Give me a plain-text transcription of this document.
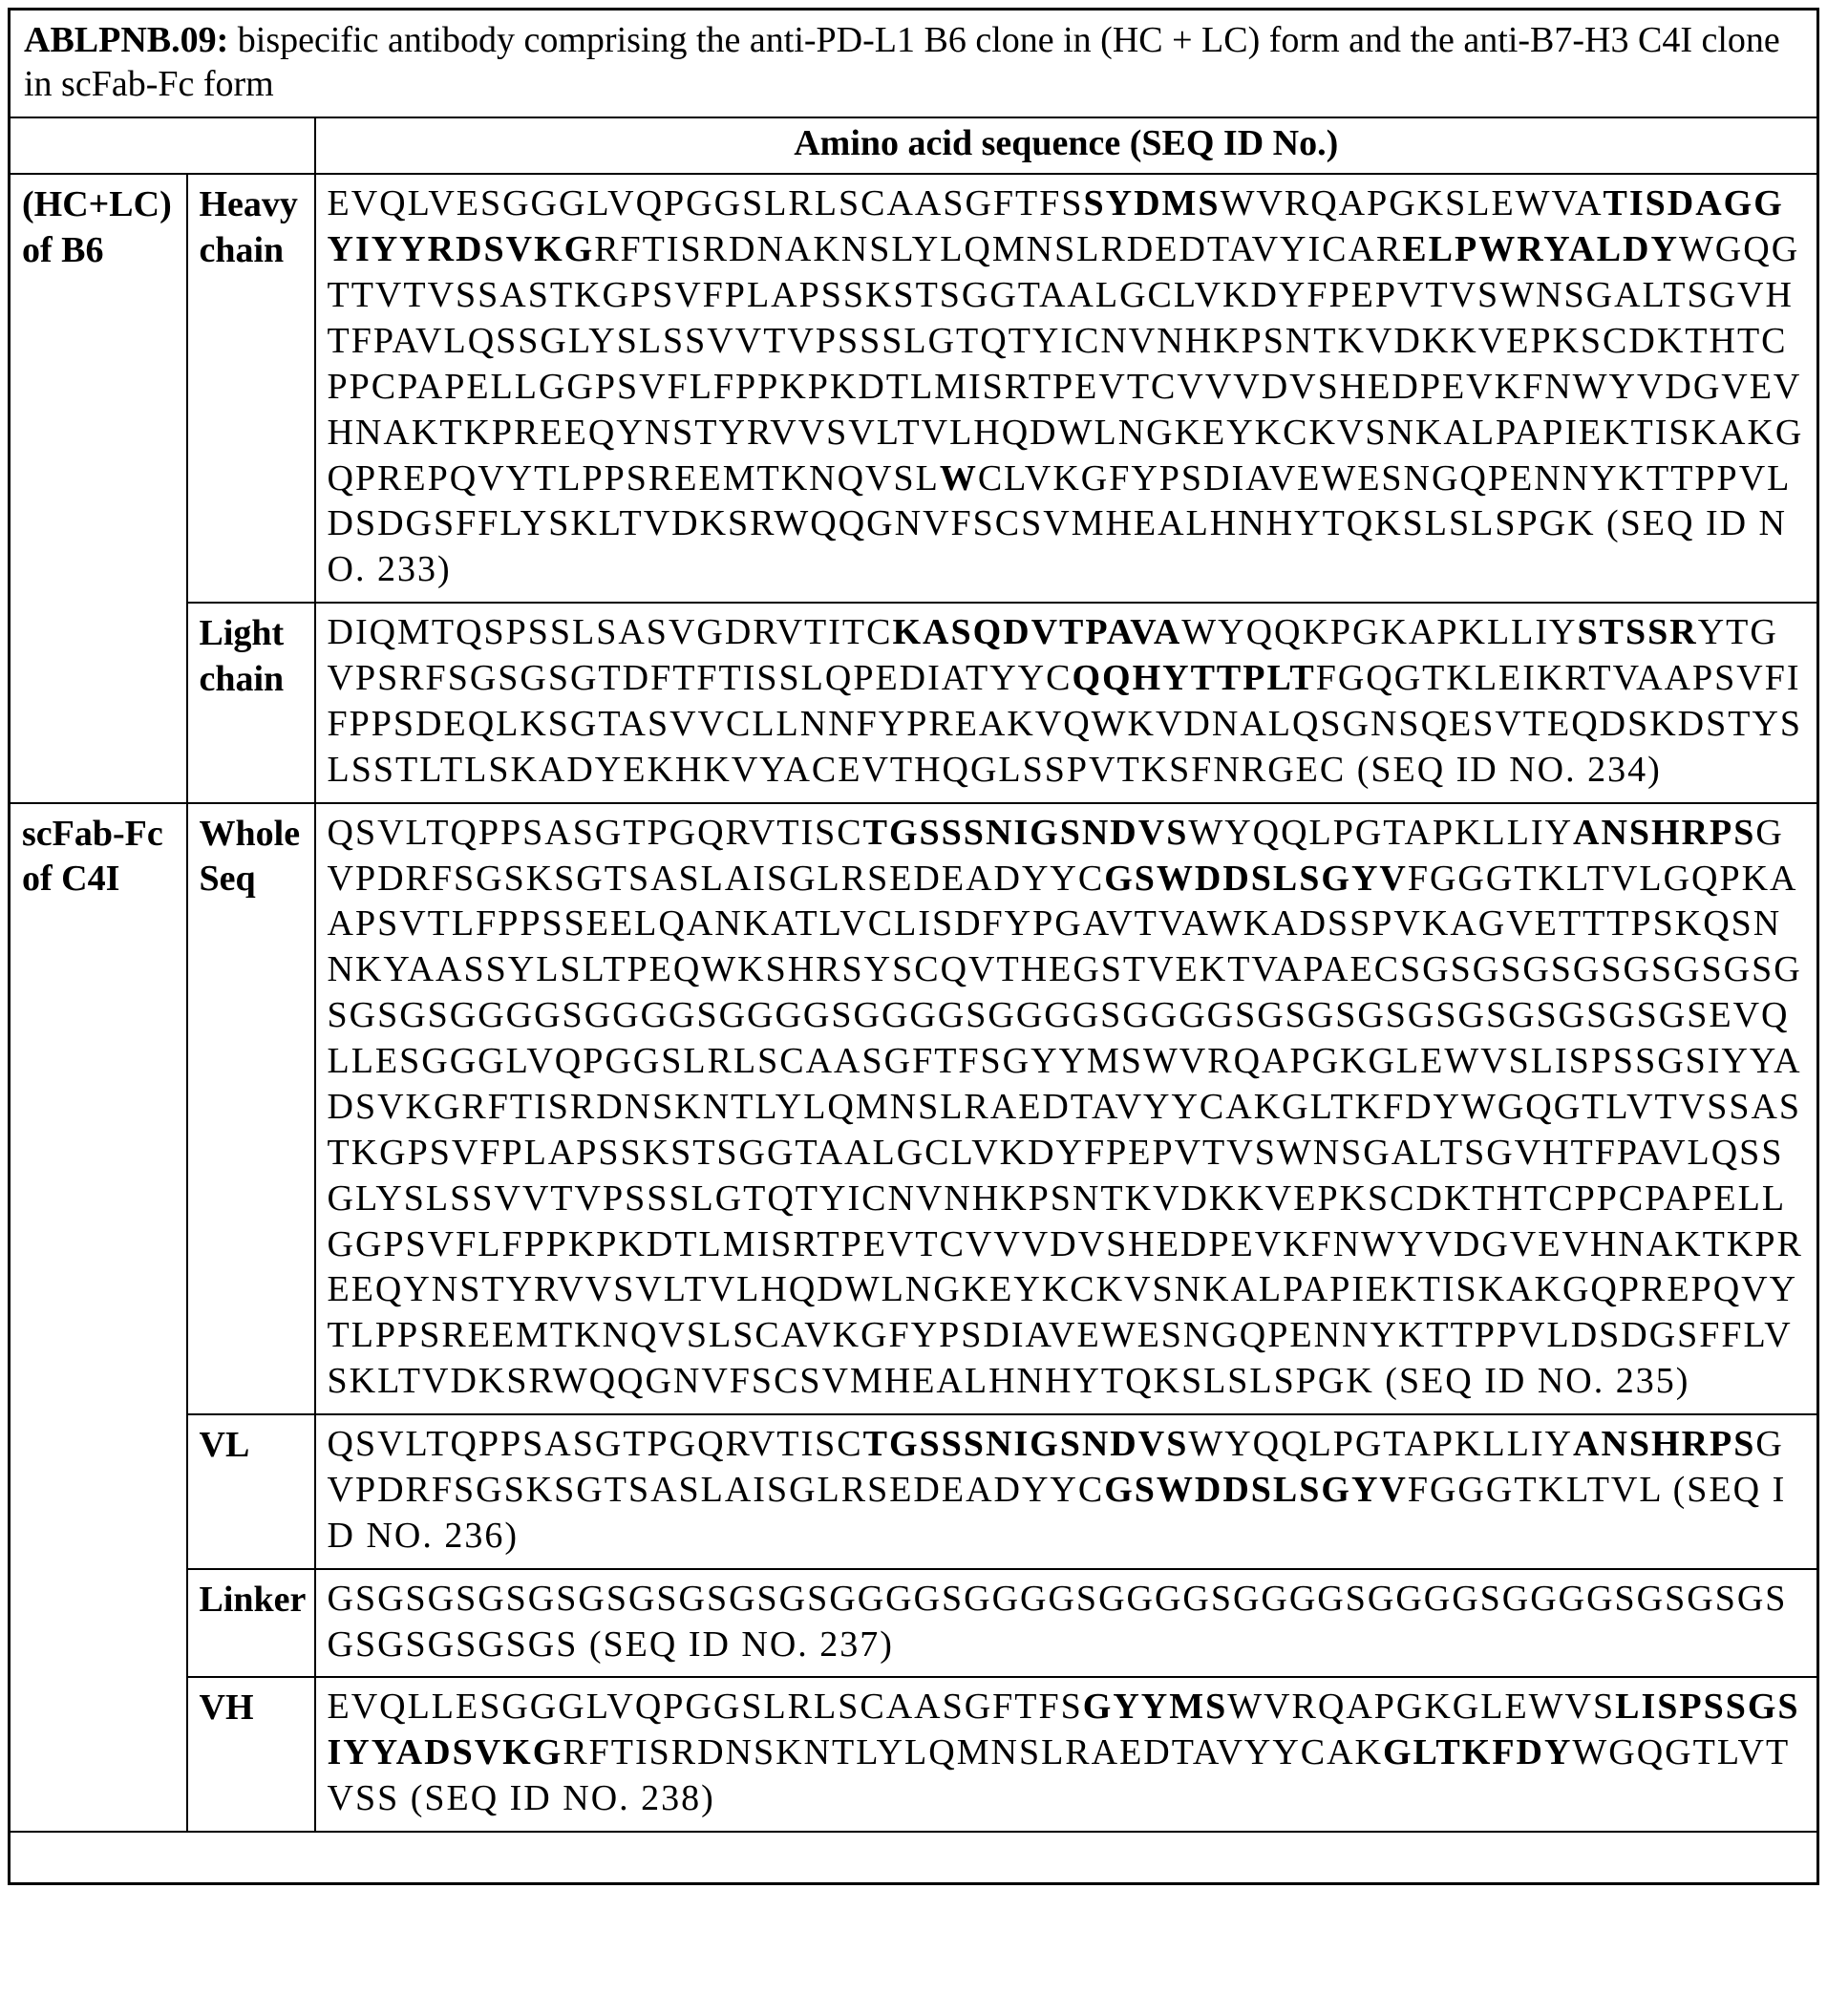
ABLPNB.09: bispecific antibody comprising the anti-PD-L1 B6 clone in (HC + LC) form and the anti-B7-H3 C4I clone in scFab-Fc form		
		Amino acid sequence (SEQ ID No.)
(HC+LC) of B6	Heavy chain	EVQLVESGGGLVQPGGSLRLSCAASGFTFSSYDMSWVRQAPGKSLEWVATISDAGGYIYYRDSVKGRFTISRDNAKNSLYLQMNSLRDEDTAVYICARELPWRYALDYWGQGTTVTVSSASTKGPSVFPLAPSSKSTSGGTAALGCLVKDYFPEPVTVSWNSGALTSGVHTFPAVLQSSGLYSLSSVVTVPSSSLGTQTYICNVNHKPSNTKVDKKVEPKSCDKTHTCPPCPAPELLGGPSVFLFPPKPKDTLMISRTPEVTCVVVDVSHEDPEVKFNWYVDGVEVHNAKTKPREEQYNSTYRVVSVLTVLHQDWLNGKEYKCKVSNKALPAPIEKTISKAKGQPREPQVYTLPPSREEMTKNQVSLWCLVKGFYPSDIAVEWESNGQPENNYKTTPPVLDSDGSFFLYSKLTVDKSRWQQGNVFSCSVMHEALHNHYTQKSLSLSPGK (SEQ ID NO. 233)
	Light chain	DIQMTQSPSSLSASVGDRVTITCKASQDVTPAVAWYQQKPGKAPKLLIYSTSSRYTGVPSRFSGSGSGTDFTFTISSLQPEDIATYYCQQHYTTPLTFGQGTKLEIKRTVAAPSVFIFPPSDEQLKSGTASVVCLLNNFYPREAKVQWKVDNALQSGNSQESVTEQDSKDSTYSLSSTLTLSKADYEKHKVYACEVTHQGLSSPVTKSFNRGEC (SEQ ID NO. 234)
scFab-Fc of C4I	Whole Seq	QSVLTQPPSASGTPGQRVTISCTGSSSNIGSNDVSWYQQLPGTAPKLLIYANSHRPSGVPDRFSGSKSGTSASLAISGLRSEDEADYYCGSWDDSLSGYVFGGGTKLTVLGQPKAAPSVTLFPPSSEELQANKATLVCLISDFYPGAVTVAWKADSSPVKAGVETTTPSKQSNNKYAASSYLSLTPEQWKSHRSYSCQVTHEGSTVEKTVAPAECSGSGSGSGSGSGSGSGSGSGSGGGGSGGGGSGGGGSGGGGSGGGGSGGGGSGSGSGSGSGSGSGSGSGSEVQLLESGGGLVQPGGSLRLSCAASGFTFSGYYMSWVRQAPGKGLEWVSLISPSSGSIYYADSVKGRFTISRDNSKNTLYLQMNSLRAEDTAVYYCAKGLTKFDYWGQGTLVTVSSASTKGPSVFPLAPSSKSTSGGTAALGCLVKDYFPEPVTVSWNSGALTSGVHTFPAVLQSSGLYSLSSVVTVPSSSLGTQTYICNVNHKPSNTKVDKKVEPKSCDKTHTCPPCPAPELLGGPSVFLFPPKPKDTLMISRTPEVTCVVVDVSHEDPEVKFNWYVDGVEVHNAKTKPREEQYNSTYRVVSVLTVLHQDWLNGKEYKCKVSNKALPAPIEKTISKAKGQPREPQVYTLPPSREEMTKNQVSLSCAVKGFYPSDIAVEWESNGQPENNYKTTPPVLDSDGSFFLVSKLTVDKSRWQQGNVFSCSVMHEALHNHYTQKSLSLSPGK (SEQ ID NO. 235)
	VL	QSVLTQPPSASGTPGQRVTISCTGSSSNIGSNDVSWYQQLPGTAPKLLIYANSHRPSGVPDRFSGSKSGTSASLAISGLRSEDEADYYCGSWDDSLSGYVFGGGTKLTVL (SEQ ID NO. 236)
	Linker	GSGSGSGSGSGSGSGSGSGSGGGGSGGGGSGGGGSGGGGSGGGGSGGGGSGSGSGSGSGSGSGSGS (SEQ ID NO. 237)
	VH	EVQLLESGGGLVQPGGSLRLSCAASGFTFSGYYMSWVRQAPGKGLEWVSLISPSSGSIYYADSVKGRFTISRDNSKNTLYLQMNSLRAEDTAVYYCAKGLTKFDYWGQGTLVTVSS (SEQ ID NO. 238)
